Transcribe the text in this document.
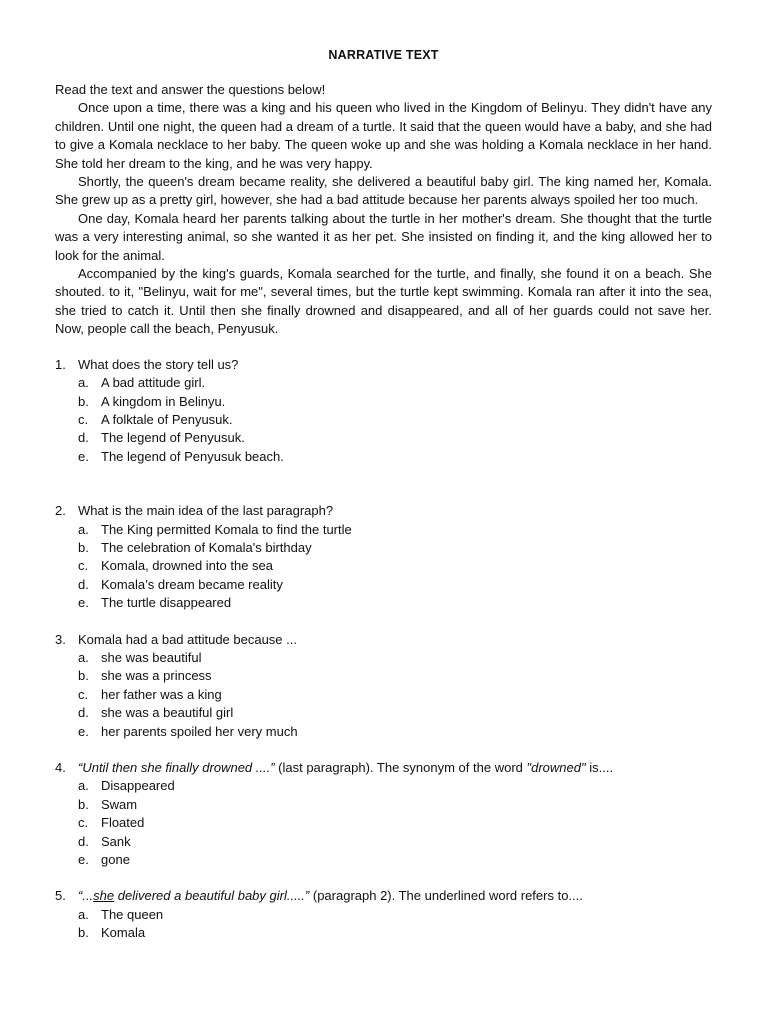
NARRATIVE TEXT

Read the text and answer the questions below!

Once upon a time, there was a king and his queen who lived in the Kingdom of Belinyu. They didn't have any children. Until one night, the queen had a dream of a turtle. It said that the queen would have a baby, and she had to give a Komala necklace to her baby. The queen woke up and she was holding a Komala necklace in her hand. She told her dream to the king, and he was very happy.

Shortly, the queen's dream became reality, she delivered a beautiful baby girl. The king named her, Komala. She grew up as a pretty girl, however, she had a bad attitude because her parents always spoiled her too much.

One day, Komala heard her parents talking about the turtle in her mother's dream. She thought that the turtle was a very interesting animal, so she wanted it as her pet. She insisted on finding it, and the king allowed her to look for the animal.

Accompanied by the king's guards, Komala searched for the turtle, and finally, she found it on a beach. She shouted. to it, "Belinyu, wait for me", several times, but the turtle kept swimming. Komala ran after it into the sea, she tried to catch it. Until then she finally drowned and disappeared, and all of her guards could not save her. Now, people call the beach, Penyusuk.

1. What does the story tell us?
a. A bad attitude girl.
b. A kingdom in Belinyu.
c. A folktale of Penyusuk.
d. The legend of Penyusuk.
e. The legend of Penyusuk beach.
2. What is the main idea of the last paragraph?
a. The King permitted Komala to find the turtle
b. The celebration of Komala's birthday
c. Komala, drowned into the sea
d. Komala’s dream became reality
e. The turtle disappeared
3. Komala had a bad attitude because ...
a. she was beautiful
b. she was a princess
c. her father was a king
d. she was a beautiful girl
e. her parents spoiled her very much
4. “Until then she finally drowned ....” (last paragraph). The synonym of the word "drowned" is....
a. Disappeared
b. Swam
c. Floated
d. Sank
e. gone
5. “...she delivered a beautiful baby girl.....” (paragraph 2). The underlined word refers to....
a. The queen
b. Komala
